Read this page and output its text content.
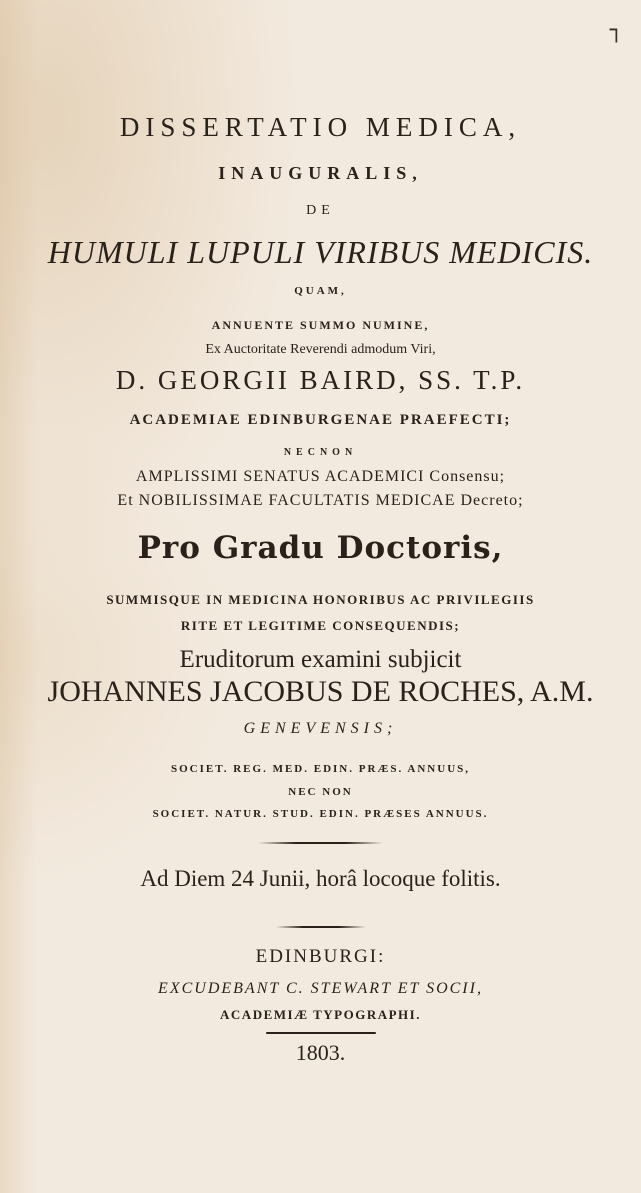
┐
DISSERTATIO MEDICA,
INAUGURALIS,
DE
HUMULI LUPULI VIRIBUS MEDICIS.
QUAM,
ANNUENTE SUMMO NUMINE,
Ex Auctoritate Reverendi admodum Viri,
D. GEORGII BAIRD, SS. T.P.
ACADEMIAE EDINBURGENAE PRAEFECTI;
NECNON
AMPLISSIMI SENATUS ACADEMICI Consensu;
Et NOBILISSIMAE FACULTATIS MEDICAE Decreto;
Pro Gradu Doctoris,
SUMMISQUE IN MEDICINA HONORIBUS AC PRIVILEGIIS
RITE ET LEGITIME CONSEQUENDIS;
Eruditorum examini subjicit
JOHANNES JACOBUS DE ROCHES, A.M.
GENEVENSIS;
SOCIET. REG. MED. EDIN. PRÆS. ANNUUS,
NEC NON
SOCIET. NATUR. STUD. EDIN. PRÆSES ANNUUS.
Ad Diem 24 Junii, horâ locoque folitis.
EDINBURGI:
EXCUDEBANT C. STEWART ET SOCII,
ACADEMIÆ TYPOGRAPHI.
1803.
